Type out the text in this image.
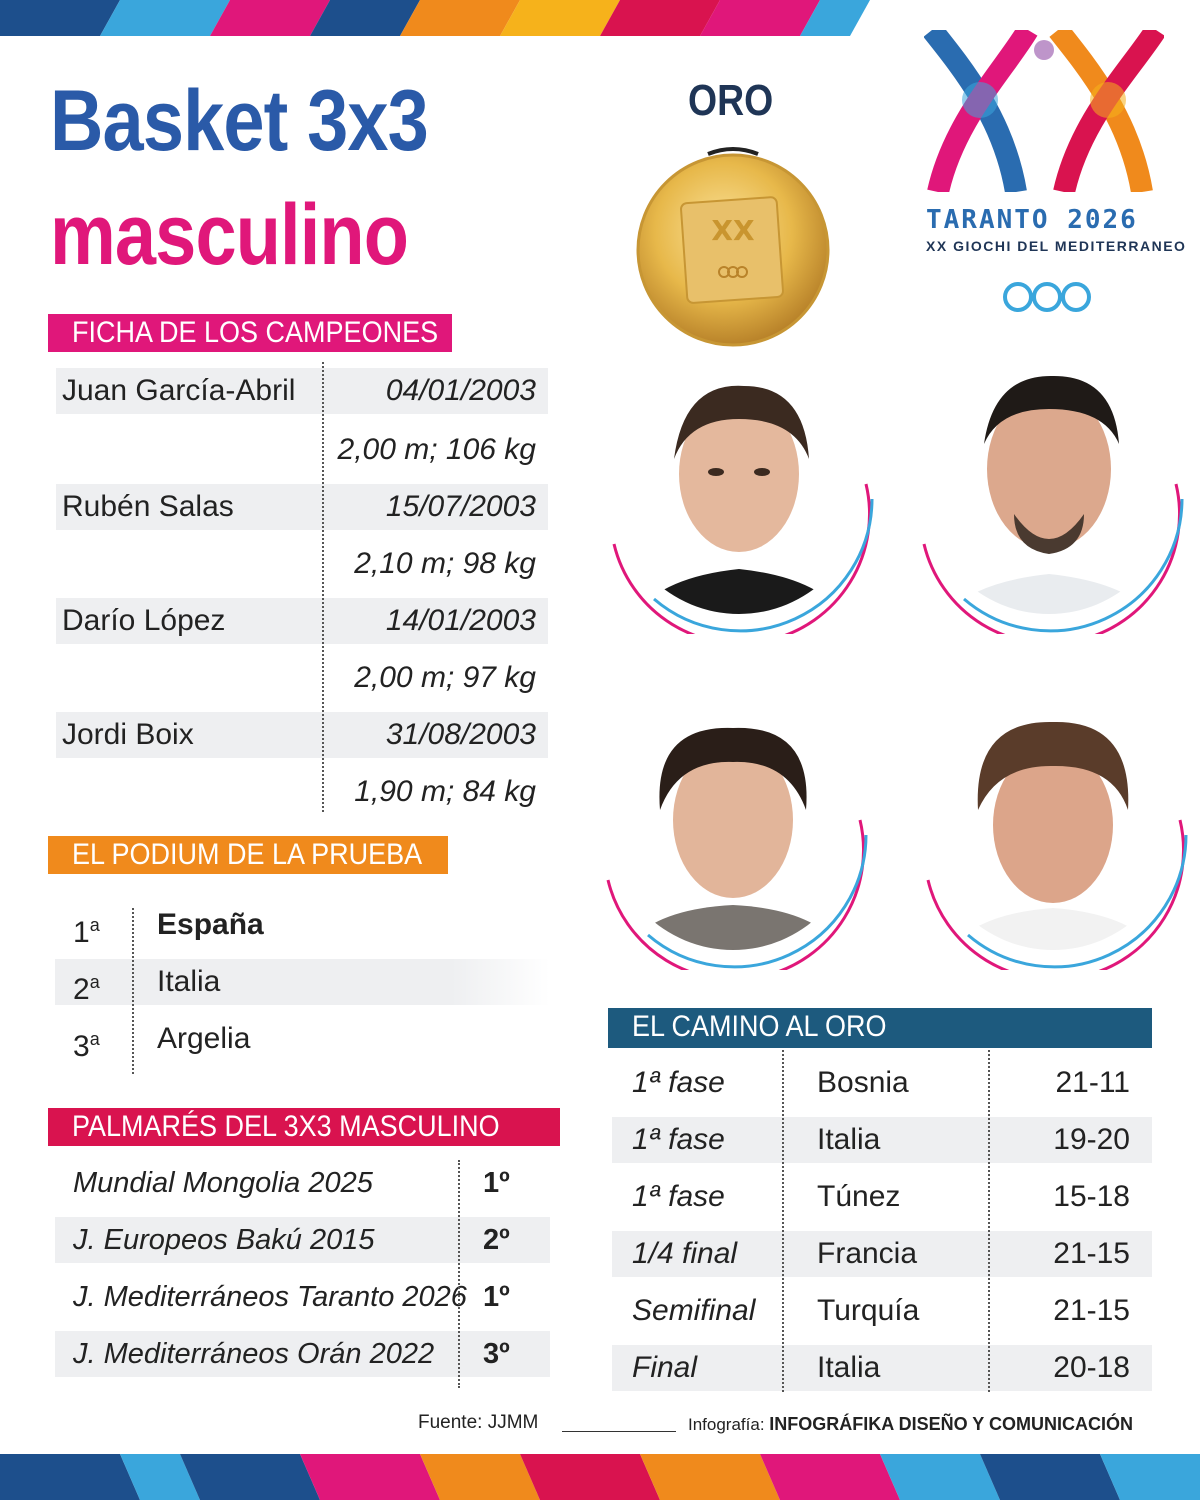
Basket 3x3
masculino
ORO
XX	TARANTO 2026
XX GIOCHI DEL MEDITERRANEO
FICHA DE LOS CAMPEONES
Juan García-Abril	04/01/2003
2,00 m; 106 kg
Rubén Salas	15/07/2003
2,10 m; 98 kg
Darío López	14/01/2003
2,00 m; 97 kg
Jordi Boix	31/08/2003
1,90 m; 84 kg
EL PODIUM DE LA PRUEBA
1$^a$ España
2$^a$ Italia
3$^a$ Argelia
PALMARÉS DEL 3X3 MASCULINO
Mundial Mongolia 2025	1º
J. Europeos Bakú 2015	2º
J. Mediterráneos Taranto 2026 1º
J. Mediterráneos Orán 2022 3º
EL CAMINO AL ORO
1ª fase	Bosnia	21-11
1ª fase	Italia	19-20
1ª fase	Túnez	15-18
1/4 final	Francia	21-15
Semifinal Turquía	21-15
Final	Italia	20-18
Fuente: JJMM	Infografía: INFOGRÁFIKA DISEÑO Y COMUNICACIÓN
